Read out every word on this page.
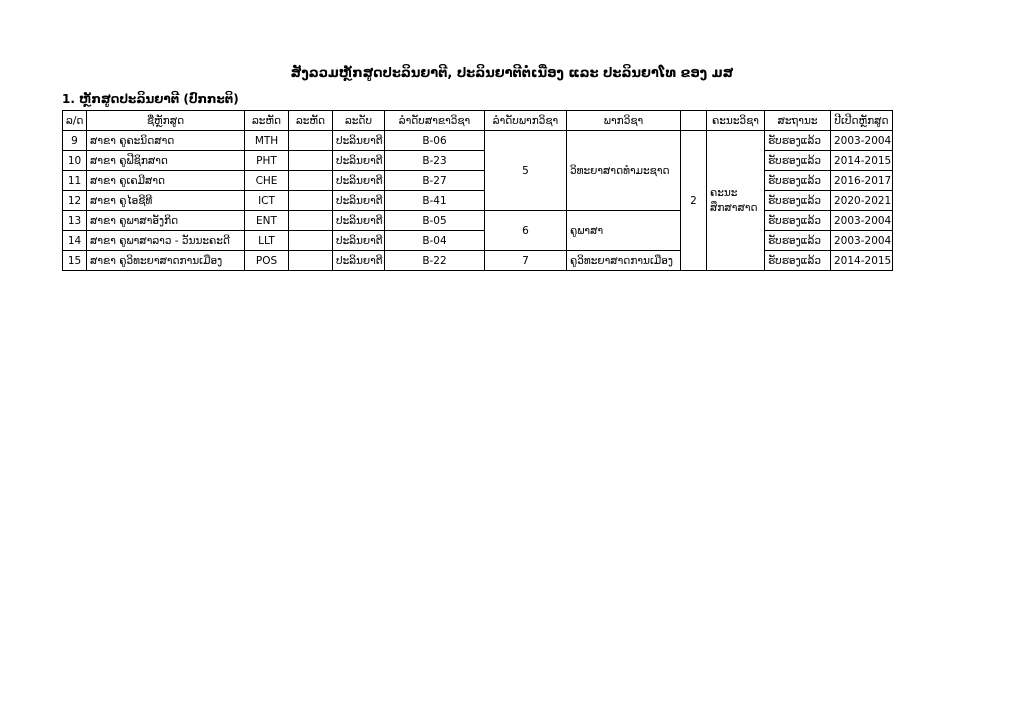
ສັງລວມຫຼັກສູດປະລິນຍາຕີ, ປະລິນຍາຕີຕໍ່ເນື່ອງ ແລະ ປະລິນຍາໂທ ຂອງ ມສ
1. ຫຼັກສູດປະລິນຍາຕີ (ປົກກະຕິ)
ລ/ດ	ຊື່ຫຼັກສູດ	ລະຫັດ	ລະຫັດ	ລະດັບ	ລຳດັບສາຂາວິຊາ	ລຳດັບພາກວິຊາ	ພາກວິຊາ		ຄະນະວິຊາ	ສະຖານະ	ປີເປີດຫຼັກສູດ
9	ສາຂາ ຄູຄະນິດສາດ	MTH		ປະລິນຍາຕີ	B-06	5	ວິທະຍາສາດທຳມະຊາດ	2	ຄະນະສຶກສາສາດ	ຮັບຮອງແລ້ວ	2003-2004
10	ສາຂາ ຄູຟີຊິກສາດ	PHT		ປະລິນຍາຕີ	B-23					ຮັບຮອງແລ້ວ	2014-2015
11	ສາຂາ ຄູເຄມີສາດ	CHE		ປະລິນຍາຕີ	B-27					ຮັບຮອງແລ້ວ	2016-2017
12	ສາຂາ ຄູໄອຊີທີ	ICT		ປະລິນຍາຕີ	B-41					ຮັບຮອງແລ້ວ	2020-2021
13	ສາຂາ ຄູພາສາອັງກິດ	ENT		ປະລິນຍາຕີ	B-05	6	ຄູພາສາ			ຮັບຮອງແລ້ວ	2003-2004
14	ສາຂາ ຄູພາສາລາວ - ວັນນະຄະດີ	LLT		ປະລິນຍາຕີ	B-04					ຮັບຮອງແລ້ວ	2003-2004
15	ສາຂາ ຄູວິທະຍາສາດການເມືອງ	POS		ປະລິນຍາຕີ	B-22	7	ຄູວິທະຍາສາດການເມືອງ			ຮັບຮອງແລ້ວ	2014-2015
